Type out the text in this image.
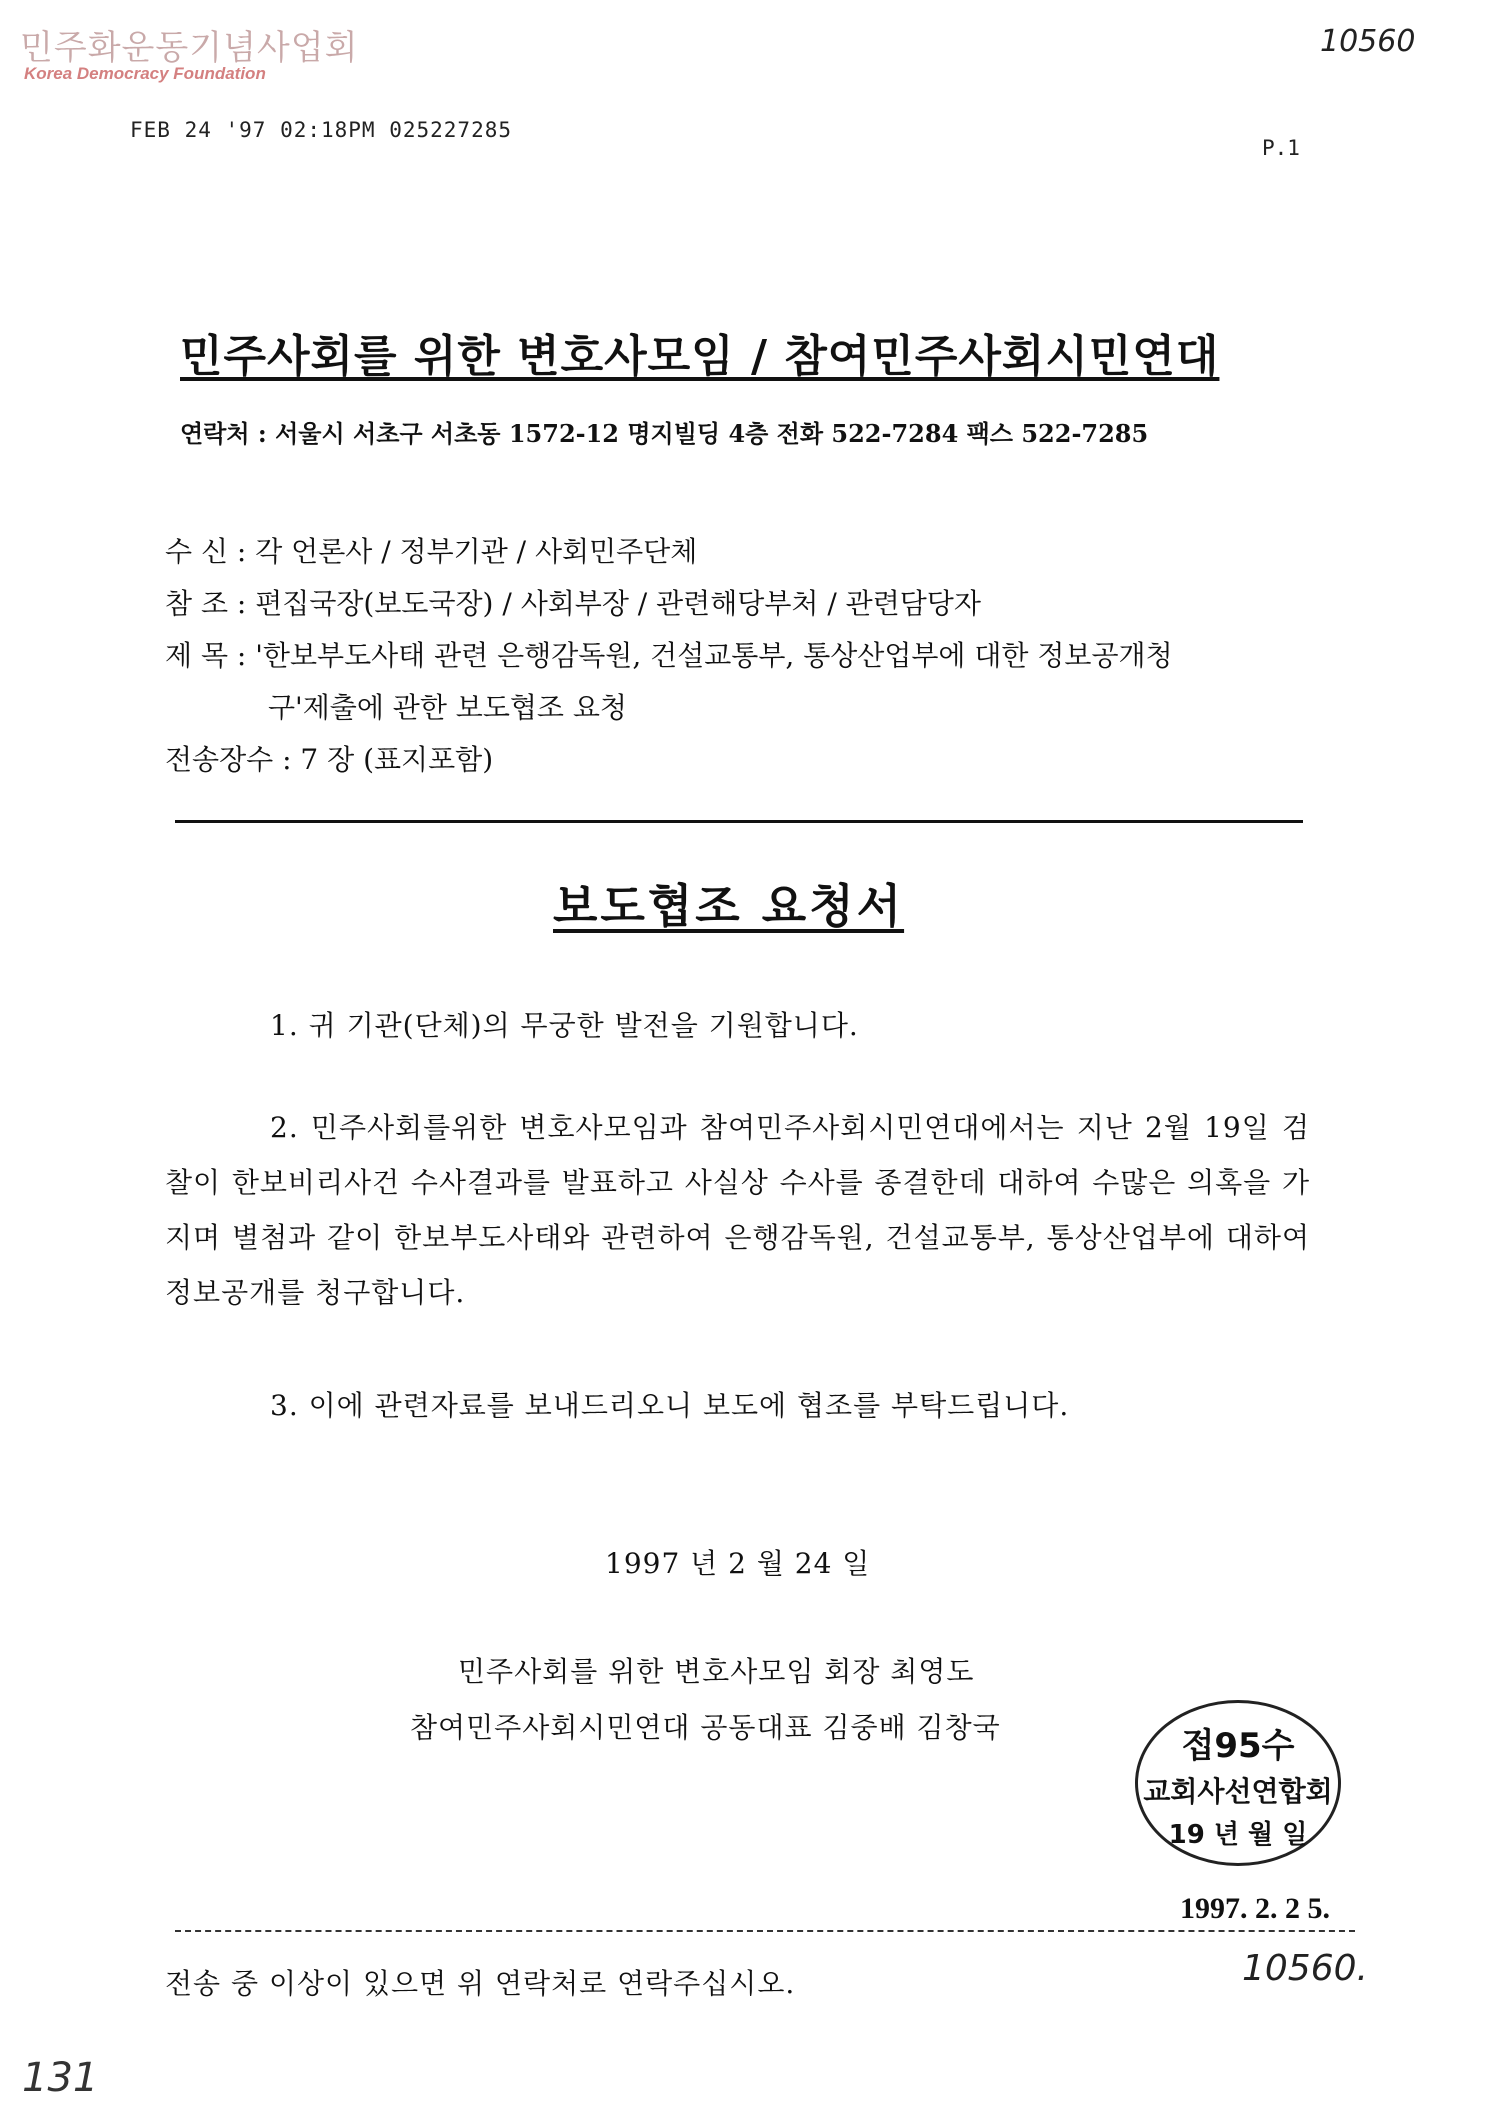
민주화운동기념사업회
Korea Democracy Foundation
10560
FEB 24 '97 02:18PM 025227285
P.1
민주사회를 위한 변호사모임 / 참여민주사회시민연대
연락처 : 서울시 서초구 서초동 1572-12 명지빌딩 4층 전화 522-7284 팩스 522-7285
수 신 : 각 언론사 / 정부기관 / 사회민주단체
참 조 : 편집국장(보도국장) / 사회부장 / 관련해당부처 / 관련담당자
제 목 : '한보부도사태 관련 은행감독원, 건설교통부, 통상산업부에 대한 정보공개청
구'제출에 관한 보도협조 요청
전송장수 : 7 장 (표지포함)
보도협조 요청서
1. 귀 기관(단체)의 무궁한 발전을 기원합니다.
2. 민주사회를위한 변호사모임과 참여민주사회시민연대에서는 지난 2월 19일 검찰이 한보비리사건 수사결과를 발표하고 사실상 수사를 종결한데 대하여 수많은 의혹을 가지며 별첨과 같이 한보부도사태와 관련하여 은행감독원, 건설교통부, 통상산업부에 대하여 정보공개를 청구합니다.
3. 이에 관련자료를 보내드리오니 보도에 협조를 부탁드립니다.
1997 년 2 월 24 일
민주사회를 위한 변호사모임 회장 최영도
참여민주사회시민연대 공동대표 김중배 김창국	접95수
교회사선연합회
19 년 월 일
1997. 2. 2 5.
전송 중 이상이 있으면 위 연락처로 연락주십시오.	10560.
131
